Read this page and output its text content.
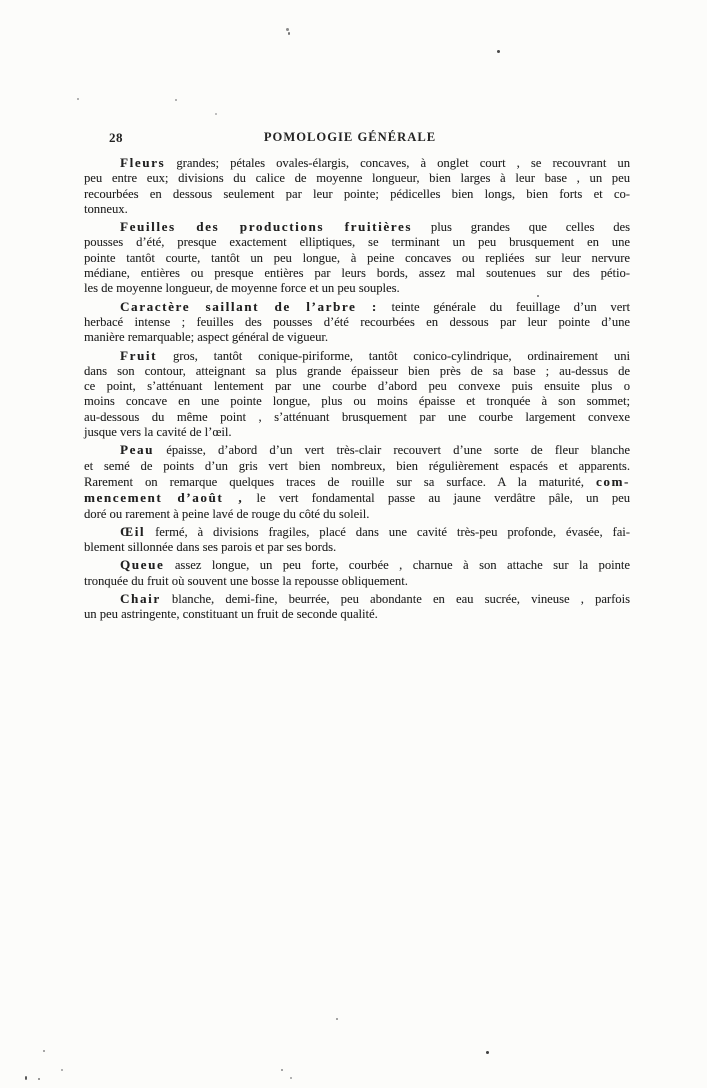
28	POMOLOGIE GÉNÉRALE
Fleurs grandes; pétales ovales-élargis, concaves, à onglet court , se recouvrant un
peu entre eux; divisions du calice de moyenne longueur, bien larges à leur base , un peu
recourbées en dessous seulement par leur pointe; pédicelles bien longs, bien forts et co-
tonneux.
Feuilles des productions fruitières plus grandes que celles des
pousses d’été, presque exactement elliptiques, se terminant un peu brusquement en une
pointe tantôt courte, tantôt un peu longue, à peine concaves ou repliées sur leur nervure
médiane, entières ou presque entières par leurs bords, assez mal soutenues sur des pétio-
les de moyenne longueur, de moyenne force et un peu souples.
Caractère saillant de l’arbre : teinte générale du feuillage d’un vert
herbacé intense ; feuilles des pousses d’été recourbées en dessous par leur pointe d’une
manière remarquable; aspect général de vigueur.
Fruit gros, tantôt conique-piriforme, tantôt conico-cylindrique, ordinairement uni
dans son contour, atteignant sa plus grande épaisseur bien près de sa base ; au-dessus de
ce point, s’atténuant lentement par une courbe d’abord peu convexe puis ensuite plus o
moins concave en une pointe longue, plus ou moins épaisse et tronquée à son sommet;
au-dessous du même point , s’atténuant brusquement par une courbe largement convexe
jusque vers la cavité de l’œil.
Peau épaisse, d’abord d’un vert très-clair recouvert d’une sorte de fleur blanche
et semé de points d’un gris vert bien nombreux, bien régulièrement espacés et apparents.
Rarement on remarque quelques traces de rouille sur sa surface. A la maturité, com-
mencement d’août , le vert fondamental passe au jaune verdâtre pâle, un peu
doré ou rarement à peine lavé de rouge du côté du soleil.
Œil fermé, à divisions fragiles, placé dans une cavité très-peu profonde, évasée, fai-
blement sillonnée dans ses parois et par ses bords.
Queue assez longue, un peu forte, courbée , charnue à son attache sur la pointe
tronquée du fruit où souvent une bosse la repousse obliquement.
Chair blanche, demi-fine, beurrée, peu abondante en eau sucrée, vineuse , parfois
un peu astringente, constituant un fruit de seconde qualité.
